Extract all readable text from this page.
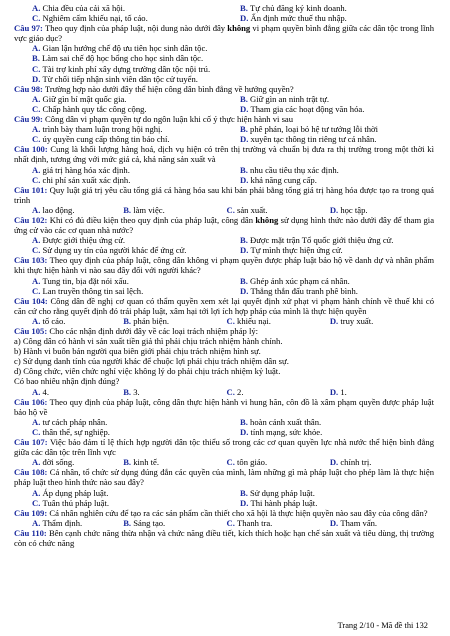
A. Chia đều của cải xã hội.	B. Tự chủ đăng ký kinh doanh.
C. Nghiêm cấm khiếu nại, tố cáo.	D. Ấn định mức thuế thu nhập.
Câu 97: Theo quy định của pháp luật, nội dung nào dưới đây không vi phạm quyền bình đẳng giữa các dân tộc trong lĩnh vực giáo dục?
A. Gian lận hướng chế độ ưu tiên học sinh dân tộc.
B. Làm sai chế độ học bổng cho học sinh dân tộc.
C. Tài trợ kinh phí xây dựng trường dân tộc nội trú.
D. Từ chối tiếp nhận sinh viên dân tộc cử tuyển.
Câu 98: Trường hợp nào dưới đây thể hiện công dân bình đẳng về hưởng quyền?
A. Giữ gìn bí mật quốc gia.	B. Giữ gìn an ninh trật tự.
C. Chấp hành quy tắc công cộng.	D. Tham gia các hoạt động văn hóa.
Câu 99: Công dân vi phạm quyền tự do ngôn luận khi cố ý thực hiện hành vi sau
A. trình bày tham luận trong hội nghị.	B. phê phán, loại bỏ hệ tư tưởng lỗi thời
C. úy quyền cung cấp thông tin báo chí.	D. xuyên tạc thông tin riêng tư cá nhân.
Câu 100: Cung là khối lượng hàng hoá, dịch vụ hiện có trên thị trường và chuẩn bị đưa ra thị trường trong một thời kì nhất định, tương ứng với mức giá cả, khả năng sản xuất và
A. giá trị hàng hóa xác định.	B. nhu cầu tiêu thụ xác định.
C. chi phí sản xuất xác định.	D. khả năng cung cấp.
Câu 101: Quy luật giá trị yêu cầu tổng giá cả hàng hóa sau khi bán phải bằng tổng giá trị hàng hóa được tạo ra trong quá trình
A. lao động.	B. làm việc.	C. sản xuất.	D. học tập.
Câu 102: Khi có đủ điều kiện theo quy định của pháp luật, công dân không sử dụng hình thức nào dưới đây để tham gia ứng cử vào các cơ quan nhà nước?
A. Được giới thiệu ứng cử.	B. Được mặt trận Tổ quốc giới thiệu ứng cử.
C. Sử dụng uy tín của người khác để ứng cử.	D. Tự mình thực hiện ứng cử.
Câu 103: Theo quy định của pháp luật, công dân không vi phạm quyền được pháp luật bảo hộ về danh dự và nhân phẩm khi thực hiện hành vi nào sau đây đối với người khác?
A. Tung tin, bịa đặt nói xấu.	B. Ghép ảnh xúc phạm cá nhân.
C. Lan truyền thông tin sai lệch.	D. Thẳng thắn đấu tranh phê bình.
Câu 104: Công dân đề nghị cơ quan có thẩm quyền xem xét lại quyết định xử phạt vi phạm hành chính về thuế khi có căn cứ cho rằng quyết định đó trái pháp luật, xâm hại tới lợi ích hợp pháp của mình là thực hiện quyền
A. tố cáo.	B. phản biện.	C. khiếu nại.	D. truy xuất.
Câu 105: Cho các nhận định dưới đây về các loại trách nhiệm pháp lý:
a) Công dân có hành vi sản xuất tiền giả thì phải chịu trách nhiệm hành chính.
b) Hành vi buôn bán người qua biên giới phải chịu trách nhiệm hình sự.
c) Sử dụng danh tính của người khác để chuộc lợi phải chịu trách nhiệm dân sự.
d) Công chức, viên chức nghỉ việc không lý do phải chịu trách nhiệm kỷ luật.
Có bao nhiêu nhận định đúng?
A. 4.	B. 3.	C. 2.	D. 1.
Câu 106: Theo quy định của pháp luật, công dân thực hiện hành vi hung hãn, côn đồ là xâm phạm quyền được pháp luật bảo hộ về
A. tư cách pháp nhân.	B. hoàn cảnh xuất thân.
C. thân thể, sự nghiệp.	D. tính mạng, sức khỏe.
Câu 107: Việc bảo đảm tỉ lệ thích hợp người dân tộc thiểu số trong các cơ quan quyền lực nhà nước thể hiện bình đẳng giữa các dân tộc trên lĩnh vực
A. đời sống.	B. kinh tế.	C. tôn giáo.	D. chính trị.
Câu 108: Cá nhân, tổ chức sử dụng đúng đắn các quyền của mình, làm những gì mà pháp luật cho phép làm là thực hiện pháp luật theo hình thức nào sau đây?
A. Áp dụng pháp luật.	B. Sử dụng pháp luật.
C. Tuân thủ pháp luật.	D. Thi hành pháp luật.
Câu 109: Cá nhân nghiên cứu để tạo ra các sản phẩm cần thiết cho xã hội là thực hiện quyền nào sau đây của công dân?
A. Thẩm định.	B. Sáng tạo.	C. Thanh tra.	D. Tham vấn.
Câu 110: Bên cạnh chức năng thừa nhận và chức năng điều tiết, kích thích hoặc hạn chế sản xuất và tiêu dùng, thị trường còn có chức năng
Trang 2/10 - Mã đề thi 132
